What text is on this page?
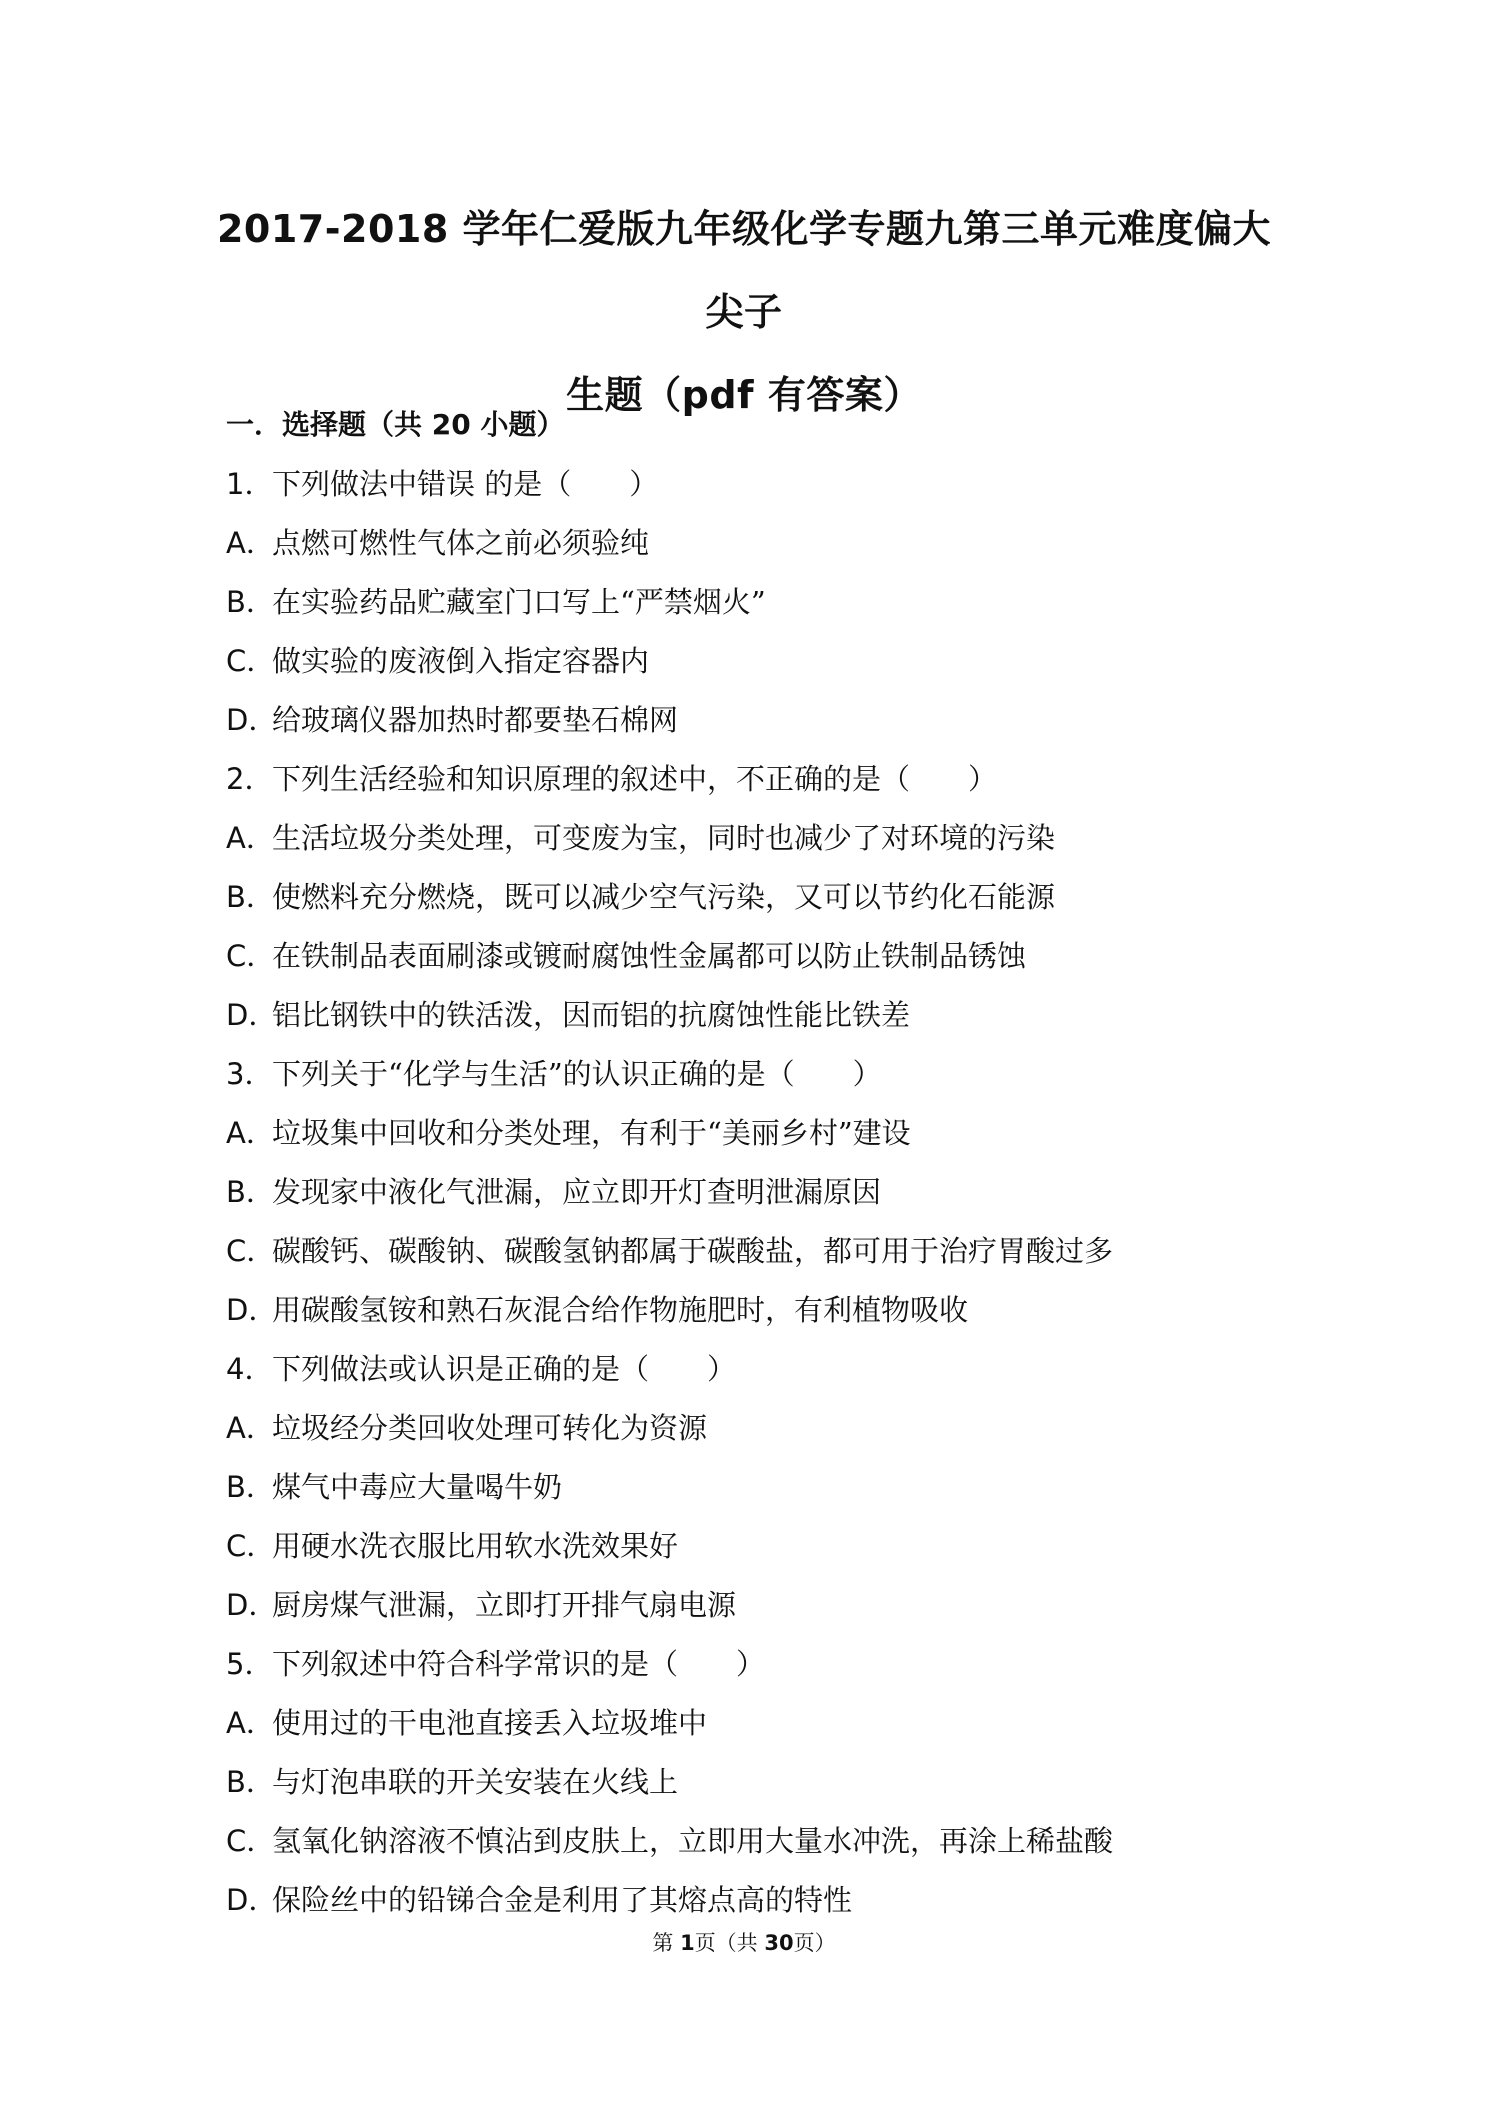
2017-2018 学年仁爱版九年级化学专题九第三单元难度偏大尖子
生题（pdf 有答案）
一．选择题（共 20 小题）
1．下列做法中错误 的是（　　）
A．点燃可燃性气体之前必须验纯
B．在实验药品贮藏室门口写上“严禁烟火”
C．做实验的废液倒入指定容器内
D．给玻璃仪器加热时都要垫石棉网
2．下列生活经验和知识原理的叙述中，不正确的是（　　）
A．生活垃圾分类处理，可变废为宝，同时也减少了对环境的污染
B．使燃料充分燃烧，既可以减少空气污染，又可以节约化石能源
C．在铁制品表面刷漆或镀耐腐蚀性金属都可以防止铁制品锈蚀
D．铝比钢铁中的铁活泼，因而铝的抗腐蚀性能比铁差
3．下列关于“化学与生活”的认识正确的是（　　）
A．垃圾集中回收和分类处理，有利于“美丽乡村”建设
B．发现家中液化气泄漏，应立即开灯查明泄漏原因
C．碳酸钙、碳酸钠、碳酸氢钠都属于碳酸盐，都可用于治疗胃酸过多
D．用碳酸氢铵和熟石灰混合给作物施肥时，有利植物吸收
4．下列做法或认识是正确的是（　　）
A．垃圾经分类回收处理可转化为资源
B．煤气中毒应大量喝牛奶
C．用硬水洗衣服比用软水洗效果好
D．厨房煤气泄漏，立即打开排气扇电源
5．下列叙述中符合科学常识的是（　　）
A．使用过的干电池直接丢入垃圾堆中
B．与灯泡串联的开关安装在火线上
C．氢氧化钠溶液不慎沾到皮肤上，立即用大量水冲洗，再涂上稀盐酸
D．保险丝中的铅锑合金是利用了其熔点高的特性
第 1页（共 30页）
